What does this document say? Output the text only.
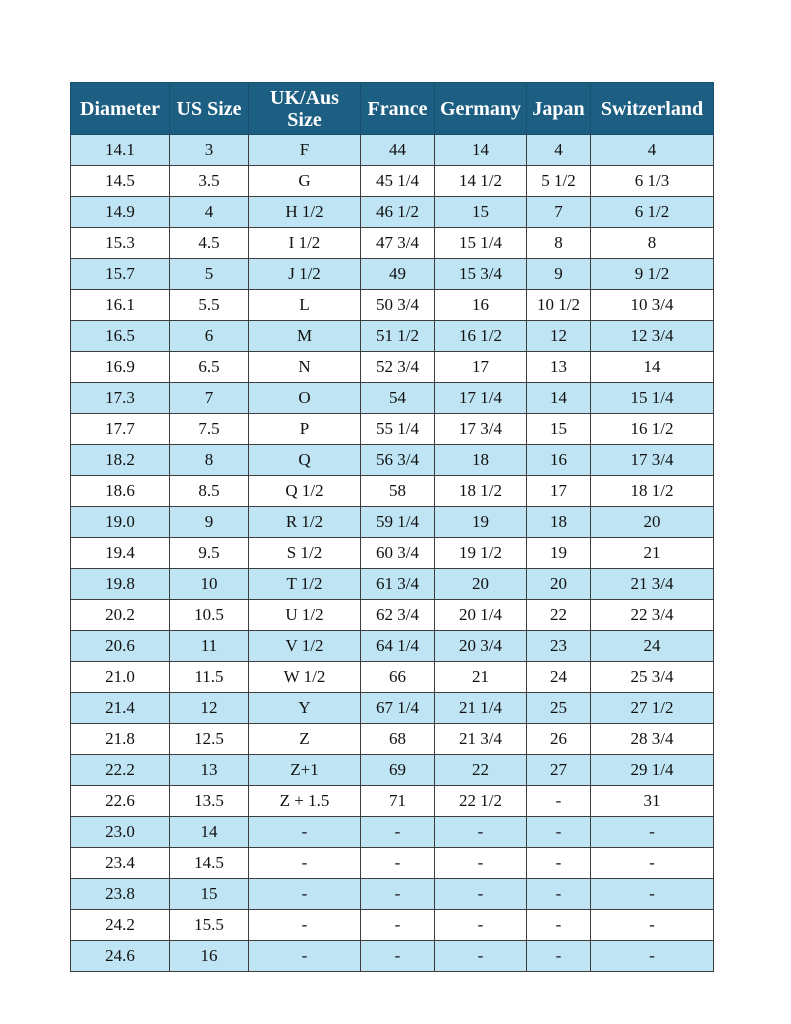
Diameter	US Size	UK/Aus Size	France	Germany	Japan	Switzerland
14.1	3	F	44	14	4	4
14.5	3.5	G	45 1/4	14 1/2	5 1/2	6 1/3
14.9	4	H 1/2	46 1/2	15	7	6 1/2
15.3	4.5	I 1/2	47 3/4	15 1/4	8	8
15.7	5	J 1/2	49	15 3/4	9	9 1/2
16.1	5.5	L	50 3/4	16	10 1/2	10 3/4
16.5	6	M	51 1/2	16 1/2	12	12 3/4
16.9	6.5	N	52 3/4	17	13	14
17.3	7	O	54	17 1/4	14	15 1/4
17.7	7.5	P	55 1/4	17 3/4	15	16 1/2
18.2	8	Q	56 3/4	18	16	17 3/4
18.6	8.5	Q 1/2	58	18 1/2	17	18 1/2
19.0	9	R 1/2	59 1/4	19	18	20
19.4	9.5	S 1/2	60 3/4	19 1/2	19	21
19.8	10	T 1/2	61 3/4	20	20	21 3/4
20.2	10.5	U 1/2	62 3/4	20 1/4	22	22 3/4
20.6	11	V 1/2	64 1/4	20 3/4	23	24
21.0	11.5	W 1/2	66	21	24	25 3/4
21.4	12	Y	67 1/4	21 1/4	25	27 1/2
21.8	12.5	Z	68	21 3/4	26	28 3/4
22.2	13	Z+1	69	22	27	29 1/4
22.6	13.5	Z + 1.5	71	22 1/2	-	31
23.0	14	-	-	-	-	-
23.4	14.5	-	-	-	-	-
23.8	15	-	-	-	-	-
24.2	15.5	-	-	-	-	-
24.6	16	-	-	-	-	-
